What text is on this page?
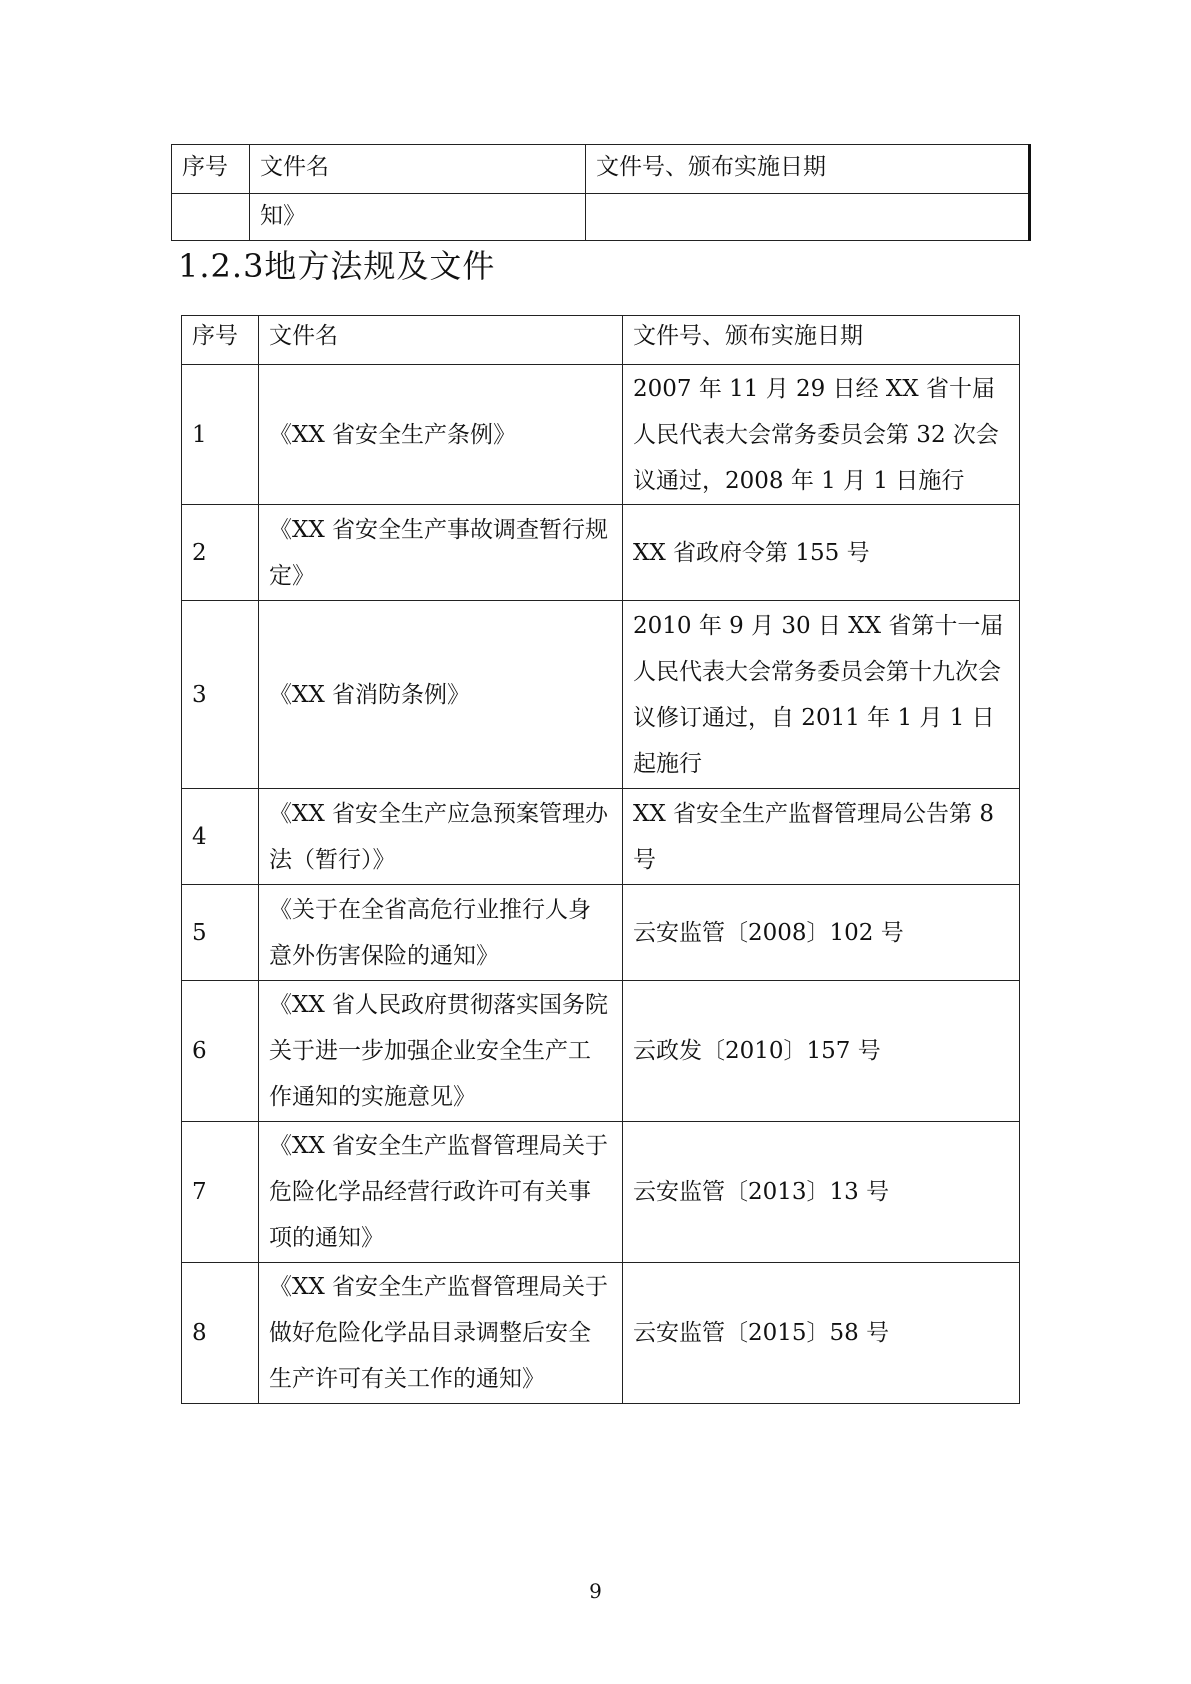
序号	文件名	文件号、颁布实施日期
	知》	
1.2.3地方法规及文件
序号	文件名	文件号、颁布实施日期
1	《XX 省安全生产条例》	2007 年 11 月 29 日经 XX 省十届人民代表大会常务委员会第 32 次会议通过，2008 年 1 月 1 日施行
2	《XX 省安全生产事故调查暂行规定》	XX 省政府令第 155 号
3	《XX 省消防条例》	2010 年 9 月 30 日 XX 省第十一届人民代表大会常务委员会第十九次会议修订通过，自 2011 年 1 月 1 日起施行
4	《XX 省安全生产应急预案管理办法（暂行）》	XX 省安全生产监督管理局公告第 8 号
5	《关于在全省高危行业推行人身意外伤害保险的通知》	云安监管〔2008〕102 号
6	《XX 省人民政府贯彻落实国务院关于进一步加强企业安全生产工作通知的实施意见》	云政发〔2010〕157 号
7	《XX 省安全生产监督管理局关于危险化学品经营行政许可有关事项的通知》	云安监管〔2013〕13 号
8	《XX 省安全生产监督管理局关于做好危险化学品目录调整后安全生产许可有关工作的通知》	云安监管〔2015〕58 号
9
